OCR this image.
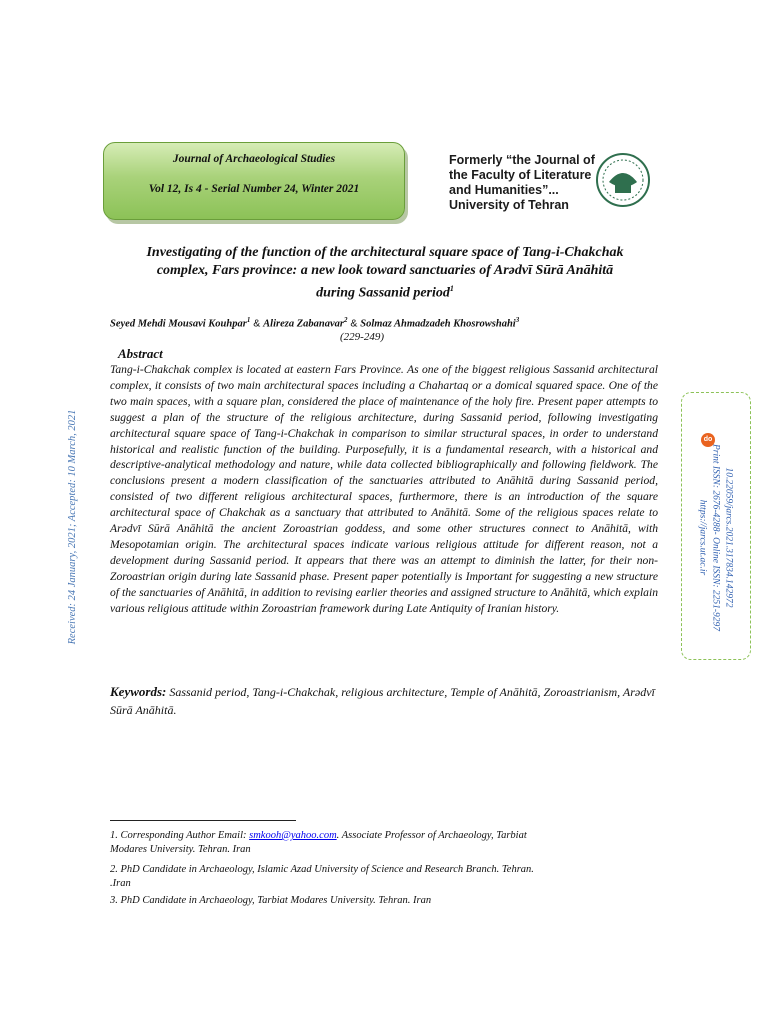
Journal of Archaeological Studies
Vol 12, Is 4 - Serial Number 24, Winter 2021
Formerly “the Journal of
the Faculty of Literature
and Humanities”...
University of Tehran
Investigating of the function of the architectural square space of Tang-i-Chakchak
complex, Fars province: a new look toward sanctuaries of Arədvī Sūrā Anāhitā
during Sassanid period$^1$
Seyed Mehdi Mousavi Kouhpar$^1$ & Alireza Zabanavar$^2$ & Solmaz Ahmadzadeh Khosrowshahi$^3$
(229-249)
Abstract
Tang-i-Chakchak complex is located at eastern Fars Province. As one of the biggest religious Sassanid architectural complex, it consists of two main architectural spaces including a Chahartaq or a domical squared space. One of the two main spaces, with a square plan, considered the place of maintenance of the holy fire. Present paper attempts to suggest a plan of the structure of the religious architecture, during Sassanid period, following investigating architectural square space of Tang-i-Chakchak in comparison to similar structural spaces, in order to understand historical and realistic function of the building. Purposefully, it is a fundamental research, with a historical and descriptive-analytical methodology and nature, while data collected bibliographically and following fieldwork. The conclusions present a modern classification of the sanctuaries attributed to Anāhitā during Sassanid period, consisted of two different religious architectural spaces, furthermore, there is an introduction of the square architectural space of Chakchak as a sanctuary that attributed to Anāhitā. Some of the religious spaces relate to Arədvī Sūrā Anāhitā the ancient Zoroastrian goddess, and some other structures connect to Anāhitā, with Mesopotamian origin. The architectural spaces indicate various religious attitude for different reason, not a development during Sassanid period. It appears that there was an attempt to diminish the latter, for their non-Zoroastrian origin during late Sassanid phase. Present paper potentially is Important for suggesting a new structure of the sanctuaries of Anāhitā, in addition to revising earlier theories and assigned structure to Anāhitā, which explain various religious attitude within Zoroastrian framework during Late Antiquity of Iranian history.
Keywords: Sassanid period, Tang-i-Chakchak, religious architecture, Temple of Anāhitā, Zoroastrianism, Arədvī Sūrā Anāhitā.
1. Corresponding Author Email: smkooh@yahoo.com. Associate Professor of Archaeology, Tarbiat
Modares University. Tehran. Iran
2. PhD Candidate in Archaeology, Islamic Azad University of Science and Research Branch. Tehran.
.Iran
3. PhD Candidate in Archaeology, Tarbiat Modares University. Tehran. Iran
Received: 24 January, 2021; Accepted: 10 March, 2021	do
10.22059/jarcs.2021.317834.142972
Print ISSN: 2676-4288- Online ISSN: 2251-9297
https://jarcs.ut.ac.ir
